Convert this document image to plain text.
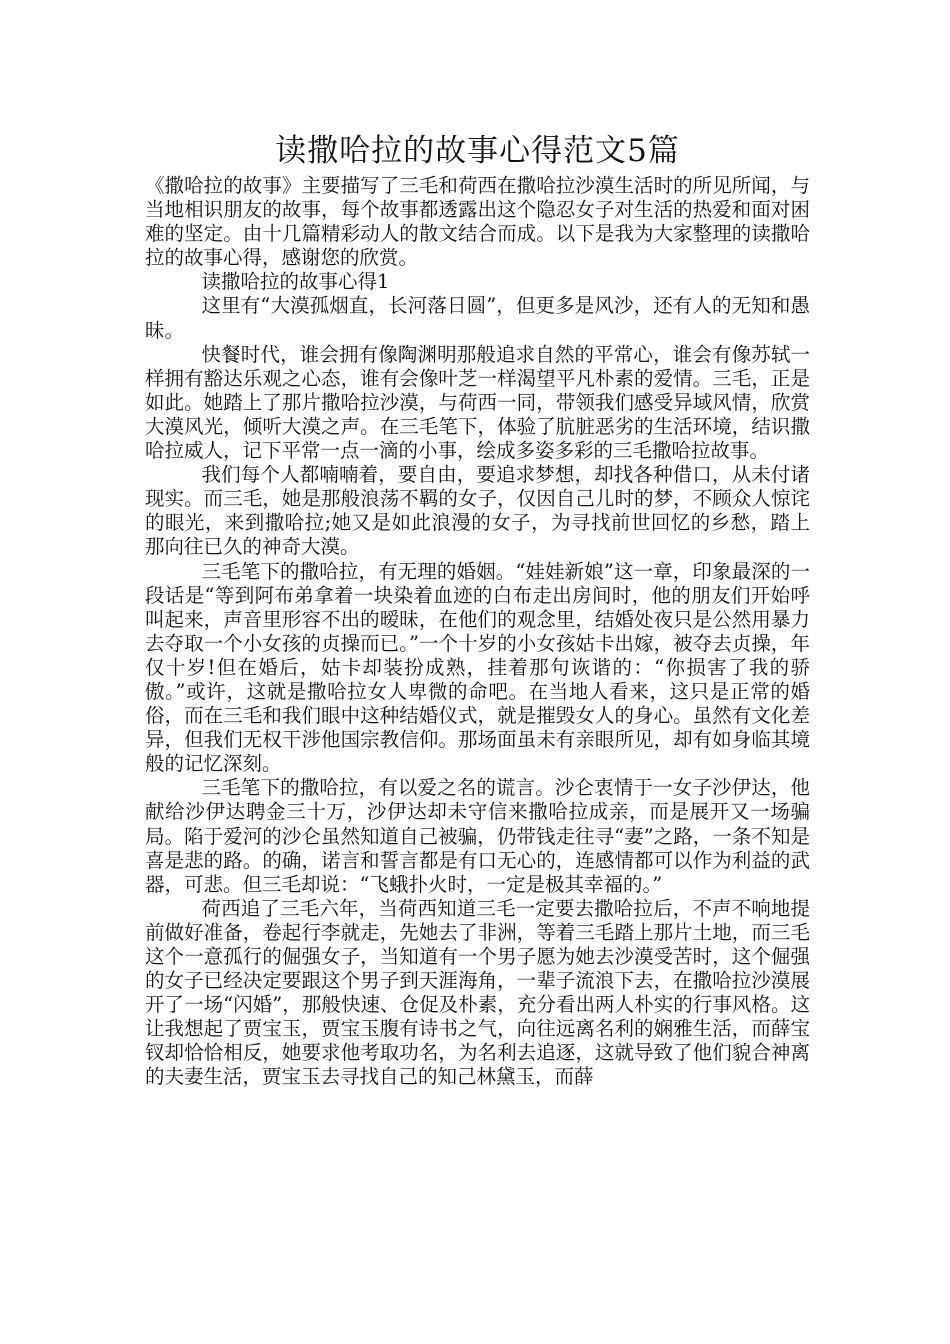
读撒哈拉的故事心得范文5篇

《撒哈拉的故事》主要描写了三毛和荷西在撒哈拉沙漠生活时的所见所闻，与当地相识朋友的故事，每个故事都透露出这个隐忍女子对生活的热爱和面对困难的坚定。由十几篇精彩动人的散文结合而成。以下是我为大家整理的读撒哈拉的故事心得，感谢您的欣赏。

读撒哈拉的故事心得1

这里有“大漠孤烟直，长河落日圆”，但更多是风沙，还有人的无知和愚昧。

快餐时代，谁会拥有像陶渊明那般追求自然的平常心，谁会有像苏轼一样拥有豁达乐观之心态，谁有会像叶芝一样渴望平凡朴素的爱情。三毛，正是如此。她踏上了那片撒哈拉沙漠，与荷西一同，带领我们感受异域风情，欣赏大漠风光，倾听大漠之声。在三毛笔下，体验了肮脏恶劣的生活环境，结识撒哈拉威人，记下平常一点一滴的小事，绘成多姿多彩的三毛撒哈拉故事。

我们每个人都喃喃着，要自由，要追求梦想，却找各种借口，从未付诸现实。而三毛，她是那般浪荡不羁的女子，仅因自己儿时的梦，不顾众人惊诧的眼光，来到撒哈拉;她又是如此浪漫的女子，为寻找前世回忆的乡愁，踏上那向往已久的神奇大漠。

三毛笔下的撒哈拉，有无理的婚姻。“娃娃新娘”这一章，印象最深的一段话是“等到阿布弟拿着一块染着血迹的白布走出房间时，他的朋友们开始呼叫起来，声音里形容不出的暧昧，在他们的观念里，结婚处夜只是公然用暴力去夺取一个小女孩的贞操而已。”一个十岁的小女孩姑卡出嫁，被夺去贞操，年仅十岁!但在婚后，姑卡却装扮成熟，挂着那句诙谐的：“你损害了我的骄傲。”或许，这就是撒哈拉女人卑微的命吧。在当地人看来，这只是正常的婚俗，而在三毛和我们眼中这种结婚仪式，就是摧毁女人的身心。虽然有文化差异，但我们无权干涉他国宗教信仰。那场面虽未有亲眼所见，却有如身临其境般的记忆深刻。

三毛笔下的撒哈拉，有以爱之名的谎言。沙仑衷情于一女子沙伊达，他献给沙伊达聘金三十万，沙伊达却未守信来撒哈拉成亲，而是展开又一场骗局。陷于爱河的沙仑虽然知道自己被骗，仍带钱走往寻“妻”之路，一条不知是喜是悲的路。的确，诺言和誓言都是有口无心的，连感情都可以作为利益的武器，可悲。但三毛却说：“飞蛾扑火时，一定是极其幸福的。”

荷西追了三毛六年，当荷西知道三毛一定要去撒哈拉后，不声不响地提前做好准备，卷起行李就走，先她去了非洲，等着三毛踏上那片土地，而三毛这个一意孤行的倔强女子，当知道有一个男子愿为她去沙漠受苦时，这个倔强的女子已经决定要跟这个男子到天涯海角，一辈子流浪下去，在撒哈拉沙漠展开了一场“闪婚”，那般快速、仓促及朴素，充分看出两人朴实的行事风格。这让我想起了贾宝玉，贾宝玉腹有诗书之气，向往远离名利的娴雅生活，而薛宝钗却恰恰相反，她要求他考取功名，为名利去追逐，这就导致了他们貌合神离的夫妻生活，贾宝玉去寻找自己的知己林黛玉，而薛
